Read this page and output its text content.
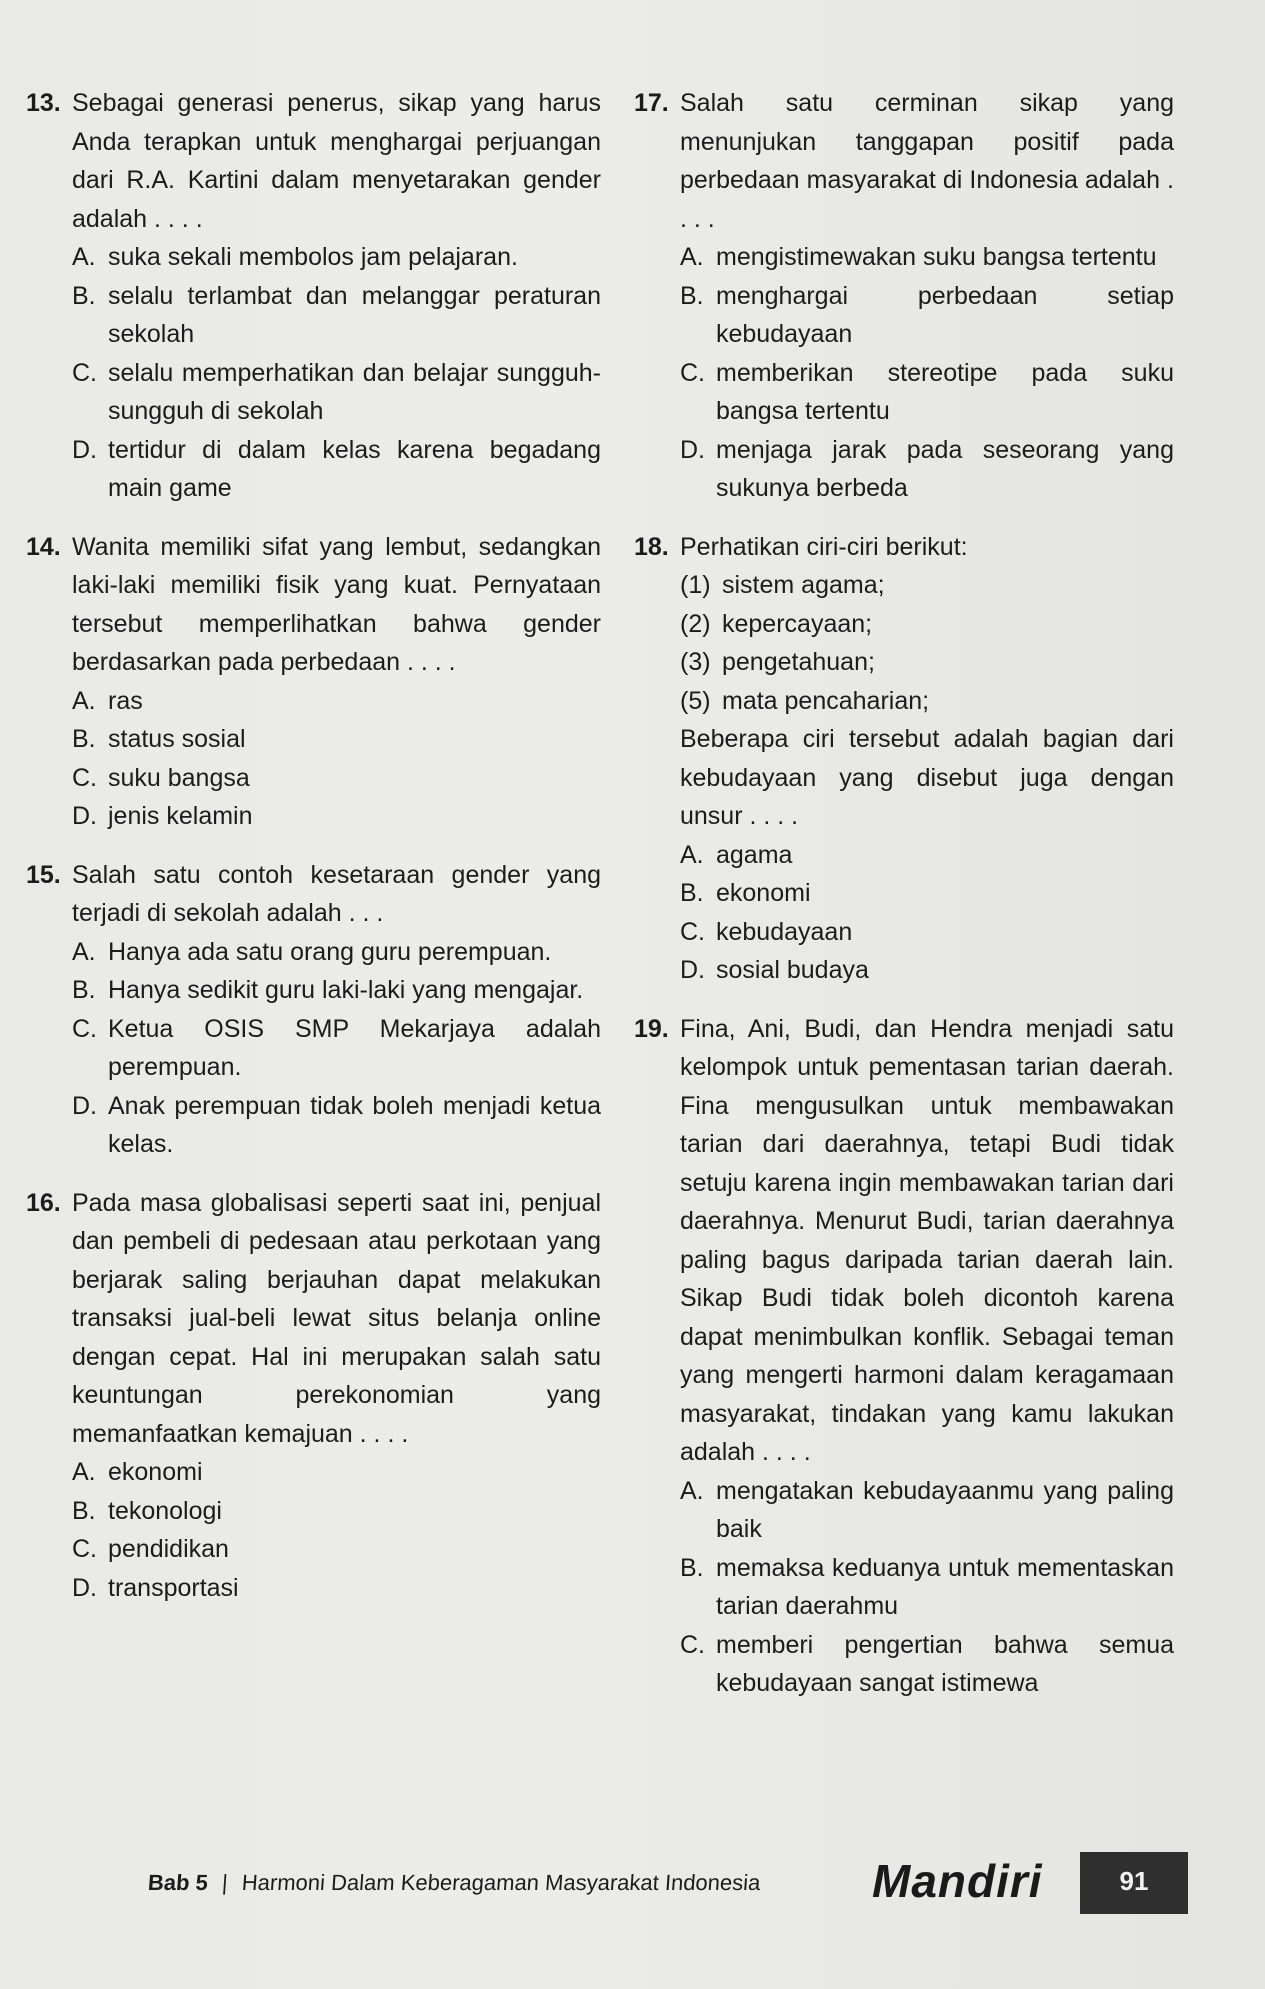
13. Sebagai generasi penerus, sikap yang harus Anda terapkan untuk menghargai perjuangan dari R.A. Kartini dalam menyetarakan gender adalah . . . .
A. suka sekali membolos jam pelajaran.
B. selalu terlambat dan melanggar peraturan sekolah
C. selalu memperhatikan dan belajar sungguh-sungguh di sekolah
D. tertidur di dalam kelas karena begadang main game
14. Wanita memiliki sifat yang lembut, sedangkan laki-laki memiliki fisik yang kuat. Pernyataan tersebut memperlihatkan bahwa gender berdasarkan pada perbedaan . . . .
A. ras
B. status sosial
C. suku bangsa
D. jenis kelamin
15. Salah satu contoh kesetaraan gender yang terjadi di sekolah adalah . . .
A. Hanya ada satu orang guru perempuan.
B. Hanya sedikit guru laki-laki yang mengajar.
C. Ketua OSIS SMP Mekarjaya adalah perempuan.
D. Anak perempuan tidak boleh menjadi ketua kelas.
16. Pada masa globalisasi seperti saat ini, penjual dan pembeli di pedesaan atau perkotaan yang berjarak saling berjauhan dapat melakukan transaksi jual-beli lewat situs belanja online dengan cepat. Hal ini merupakan salah satu keuntungan perekonomian yang memanfaatkan kemajuan . . . .
A. ekonomi
B. tekonologi
C. pendidikan
D. transportasi
17. Salah satu cerminan sikap yang menunjukan tanggapan positif pada perbedaan masyarakat di Indonesia adalah . . . .
A. mengistimewakan suku bangsa tertentu
B. menghargai perbedaan setiap kebudayaan
C. memberikan stereotipe pada suku bangsa tertentu
D. menjaga jarak pada seseorang yang sukunya berbeda
18. Perhatikan ciri-ciri berikut:
(1) sistem agama;
(2) kepercayaan;
(3) pengetahuan;
(5) mata pencaharian;
Beberapa ciri tersebut adalah bagian dari kebudayaan yang disebut juga dengan unsur . . . .
A. agama
B. ekonomi
C. kebudayaan
D. sosial budaya
19. Fina, Ani, Budi, dan Hendra menjadi satu kelompok untuk pementasan tarian daerah. Fina mengusulkan untuk membawakan tarian dari daerahnya, tetapi Budi tidak setuju karena ingin membawakan tarian dari daerahnya. Menurut Budi, tarian daerahnya paling bagus daripada tarian daerah lain. Sikap Budi tidak boleh dicontoh karena dapat menimbulkan konflik. Sebagai teman yang mengerti harmoni dalam keragamaan masyarakat, tindakan yang kamu lakukan adalah . . . .
A. mengatakan kebudayaanmu yang paling baik
B. memaksa keduanya untuk mementaskan tarian daerahmu
C. memberi pengertian bahwa semua kebudayaan sangat istimewa
Bab 5 | Harmoni Dalam Keberagaman Masyarakat Indonesia Mandiri	91
